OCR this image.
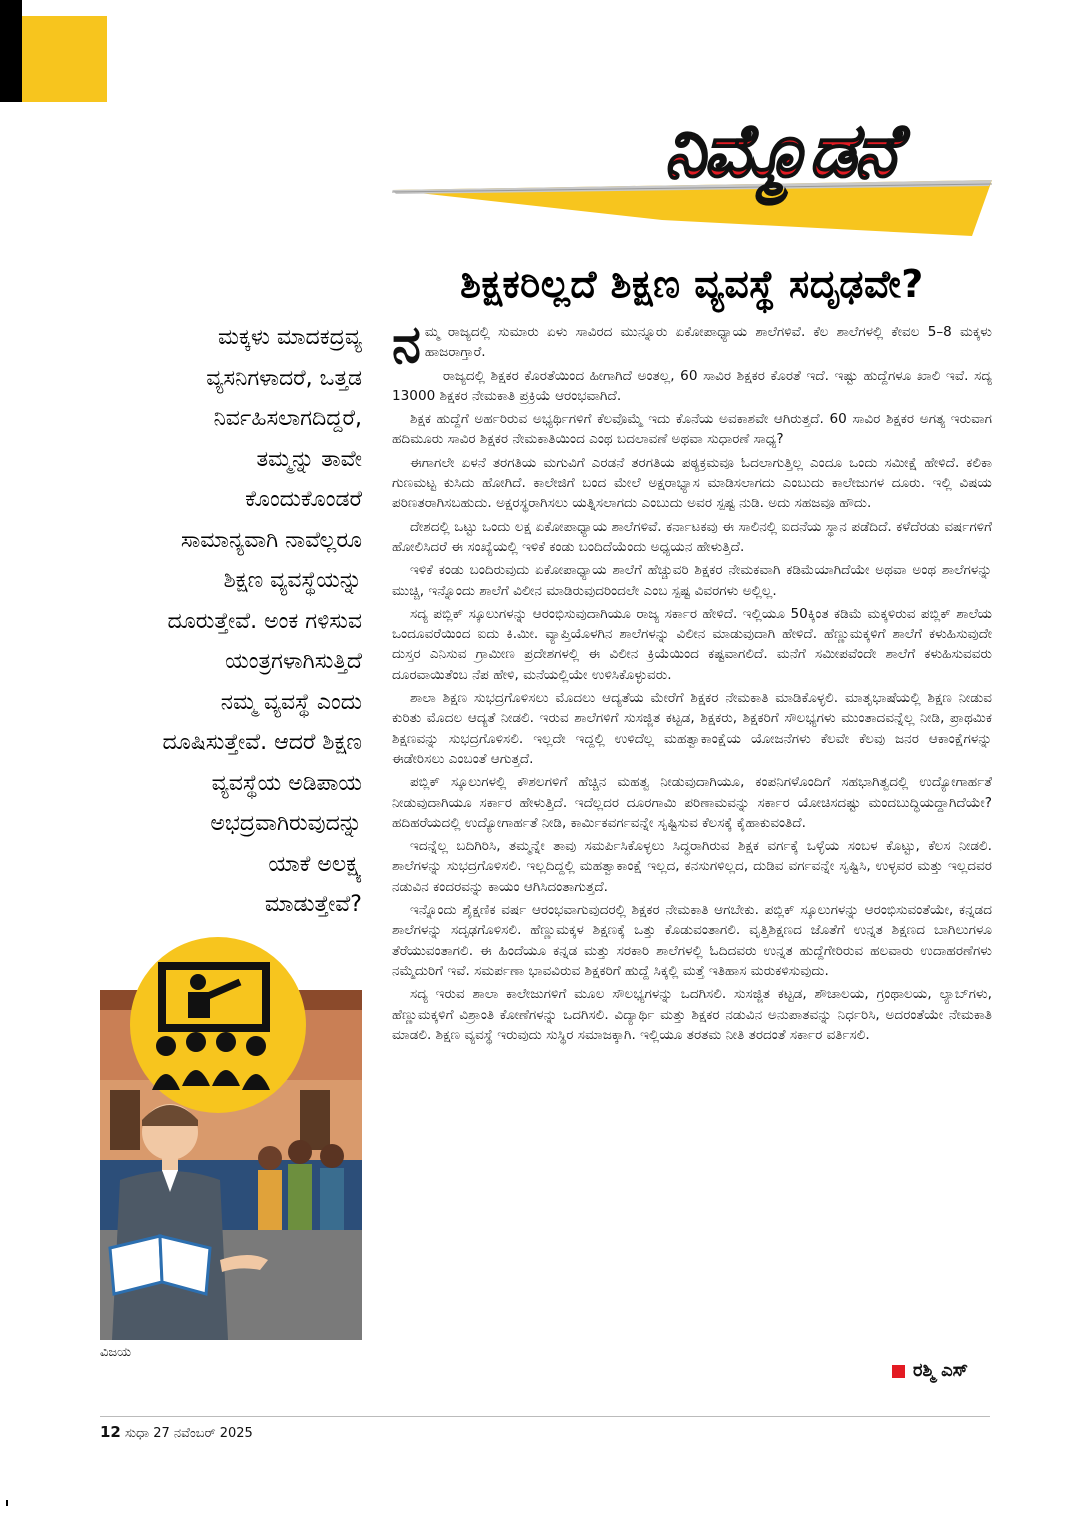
ನಿಮ್ಮೊಡನೆ
ಶಿಕ್ಷಕರಿಲ್ಲದೆ ಶಿಕ್ಷಣ ವ್ಯವಸ್ಥೆ ಸದೃಢವೇ?
ಮಕ್ಕಳು ಮಾದಕದ್ರವ್ಯ
ವ್ಯಸನಿಗಳಾದರೆ, ಒತ್ತಡ
ನಿರ್ವಹಿಸಲಾಗದಿದ್ದರೆ,
ತಮ್ಮನ್ನು ತಾವೇ
ಕೊಂದುಕೊಂಡರೆ
ಸಾಮಾನ್ಯವಾಗಿ ನಾವೆಲ್ಲರೂ
ಶಿಕ್ಷಣ ವ್ಯವಸ್ಥೆಯನ್ನು
ದೂರುತ್ತೇವೆ. ಅಂಕ ಗಳಿಸುವ
ಯಂತ್ರಗಳಾಗಿಸುತ್ತಿದೆ
ನಮ್ಮ ವ್ಯವಸ್ಥೆ ಎಂದು
ದೂಷಿಸುತ್ತೇವೆ. ಆದರೆ ಶಿಕ್ಷಣ
ವ್ಯವಸ್ಥೆಯ ಅಡಿಪಾಯ
ಅಭದ್ರವಾಗಿರುವುದನ್ನು
ಯಾಕೆ ಅಲಕ್ಷ್ಯ
ಮಾಡುತ್ತೇವೆ?
ವಿಜಯ

ನಮ್ಮ ರಾಜ್ಯದಲ್ಲಿ ಸುಮಾರು ಏಳು ಸಾವಿರದ ಮುನ್ನೂರು ಏಕೋಪಾಧ್ಯಾಯ ಶಾಲೆಗಳಿವೆ. ಕೆಲ ಶಾಲೆಗಳಲ್ಲಿ ಕೇವಲ 5–8 ಮಕ್ಕಳು ಹಾಜರಾಗ್ತಾರೆ.

ರಾಜ್ಯದಲ್ಲಿ ಶಿಕ್ಷಕರ ಕೊರತೆಯಿಂದ ಹೀಗಾಗಿದೆ ಅಂತಲ್ಲ, 60 ಸಾವಿರ ಶಿಕ್ಷಕರ ಕೊರತೆ ಇದೆ. ಇಷ್ಟು ಹುದ್ದೆಗಳೂ ಖಾಲಿ ಇವೆ. ಸದ್ಯ 13000 ಶಿಕ್ಷಕರ ನೇಮಕಾತಿ ಪ್ರಕ್ರಿಯೆ ಆರಂಭವಾಗಿದೆ.

ಶಿಕ್ಷಕ ಹುದ್ದೆಗೆ ಅರ್ಹರಿರುವ ಅಭ್ಯರ್ಥಿಗಳಿಗೆ ಕೆಲವೊಮ್ಮೆ ಇದು ಕೊನೆಯ ಅವಕಾಶವೇ ಆಗಿರುತ್ತದೆ. 60 ಸಾವಿರ ಶಿಕ್ಷಕರ ಅಗತ್ಯ ಇರುವಾಗ ಹದಿಮೂರು ಸಾವಿರ ಶಿಕ್ಷಕರ ನೇಮಕಾತಿಯಿಂದ ಎಂಥ ಬದಲಾವಣೆ ಅಥವಾ ಸುಧಾರಣೆ ಸಾಧ್ಯ?

ಈಗಾಗಲೇ ಏಳನೆ ತರಗತಿಯ ಮಗುವಿಗೆ ಎರಡನೆ ತರಗತಿಯ ಪಠ್ಯಕ್ರಮವೂ ಓದಲಾಗುತ್ತಿಲ್ಲ ಎಂದೂ ಒಂದು ಸಮೀಕ್ಷೆ ಹೇಳಿದೆ. ಕಲಿಕಾ ಗುಣಮಟ್ಟ ಕುಸಿದು ಹೋಗಿದೆ. ಕಾಲೇಜಿಗೆ ಬಂದ ಮೇಲೆ ಅಕ್ಷರಾಭ್ಯಾಸ ಮಾಡಿಸಲಾಗದು ಎಂಬುದು ಕಾಲೇಜುಗಳ ದೂರು. ಇಲ್ಲಿ ವಿಷಯ ಪರಿಣತರಾಗಿಸಬಹುದು. ಅಕ್ಷರಸ್ಥರಾಗಿಸಲು ಯತ್ನಿಸಲಾಗದು ಎಂಬುದು ಅವರ ಸ್ಪಷ್ಟ ನುಡಿ. ಅದು ಸಹಜವೂ ಹೌದು.

ದೇಶದಲ್ಲಿ ಒಟ್ಟು ಒಂದು ಲಕ್ಷ ಏಕೋಪಾಧ್ಯಾಯ ಶಾಲೆಗಳಿವೆ. ಕರ್ನಾಟಕವು ಈ ಸಾಲಿನಲ್ಲಿ ಐದನೆಯ ಸ್ಥಾನ ಪಡೆದಿದೆ. ಕಳೆದೆರಡು ವರ್ಷಗಳಿಗೆ ಹೋಲಿಸಿದರೆ ಈ ಸಂಖ್ಯೆಯಲ್ಲಿ ಇಳಿಕೆ ಕಂಡು ಬಂದಿದೆಯೆಂದು ಅಧ್ಯಯನ ಹೇಳುತ್ತಿದೆ.

ಇಳಿಕೆ ಕಂಡು ಬಂದಿರುವುದು ಏಕೋಪಾಧ್ಯಾಯ ಶಾಲೆಗೆ ಹೆಚ್ಚುವರಿ ಶಿಕ್ಷಕರ ನೇಮಕವಾಗಿ ಕಡಿಮೆಯಾಗಿದೆಯೇ ಅಥವಾ ಅಂಥ ಶಾಲೆಗಳನ್ನು ಮುಚ್ಚಿ, ಇನ್ನೊಂದು ಶಾಲೆಗೆ ವಿಲೀನ ಮಾಡಿರುವುದರಿಂದಲೇ ಎಂಬ ಸ್ಪಷ್ಟ ವಿವರಗಳು ಅಲ್ಲಿಲ್ಲ.

ಸದ್ಯ ಪಬ್ಲಿಕ್ ಸ್ಕೂಲುಗಳನ್ನು ಆರಂಭಿಸುವುದಾಗಿಯೂ ರಾಜ್ಯ ಸರ್ಕಾರ ಹೇಳಿದೆ. ಇಲ್ಲಿಯೂ 50ಕ್ಕಿಂತ ಕಡಿಮೆ ಮಕ್ಕಳಿರುವ ಪಬ್ಲಿಕ್ ಶಾಲೆಯ ಒಂದೂವರೆಯಿಂದ ಐದು ಕಿ.ಮೀ. ವ್ಯಾಪ್ತಿಯೊಳಗಿನ ಶಾಲೆಗಳನ್ನು ವಿಲೀನ ಮಾಡುವುದಾಗಿ ಹೇಳಿದೆ. ಹೆಣ್ಣುಮಕ್ಕಳಿಗೆ ಶಾಲೆಗೆ ಕಳುಹಿಸುವುದೇ ದುಸ್ತರ ಎನಿಸುವ ಗ್ರಾಮೀಣ ಪ್ರದೇಶಗಳಲ್ಲಿ ಈ ವಿಲೀನ ಕ್ರಿಯೆಯಿಂದ ಕಷ್ಟವಾಗಲಿದೆ. ಮನೆಗೆ ಸಮೀಪವೆಂದೇ ಶಾಲೆಗೆ ಕಳುಹಿಸುವವರು ದೂರವಾಯಿತೆಂಬ ನೆಪ ಹೇಳಿ, ಮನೆಯಲ್ಲಿಯೇ ಉಳಿಸಿಕೊಳ್ಳುವರು.

ಶಾಲಾ ಶಿಕ್ಷಣ ಸುಭದ್ರಗೊಳಿಸಲು ಮೊದಲು ಆದ್ಯತೆಯ ಮೇರೆಗೆ ಶಿಕ್ಷಕರ ನೇಮಕಾತಿ ಮಾಡಿಕೊಳ್ಳಲಿ. ಮಾತೃಭಾಷೆಯಲ್ಲಿ ಶಿಕ್ಷಣ ನೀಡುವ ಕುರಿತು ಮೊದಲ ಆದ್ಯತೆ ನೀಡಲಿ. ಇರುವ ಶಾಲೆಗಳಿಗೆ ಸುಸಜ್ಜಿತ ಕಟ್ಟಡ, ಶಿಕ್ಷಕರು, ಶಿಕ್ಷಕರಿಗೆ ಸೌಲಭ್ಯಗಳು ಮುಂತಾದವನ್ನೆಲ್ಲ ನೀಡಿ, ಪ್ರಾಥಮಿಕ ಶಿಕ್ಷಣವನ್ನು ಸುಭದ್ರಗೊಳಿಸಲಿ. ಇಲ್ಲದೇ ಇದ್ದಲ್ಲಿ ಉಳಿದೆಲ್ಲ ಮಹತ್ವಾಕಾಂಕ್ಷೆಯ ಯೋಜನೆಗಳು ಕೆಲವೇ ಕೆಲವು ಜನರ ಆಕಾಂಕ್ಷೆಗಳನ್ನು ಈಡೇರಿಸಲು ಎಂಬಂತೆ ಆಗುತ್ತದೆ.

ಪಬ್ಲಿಕ್ ಸ್ಕೂಲುಗಳಲ್ಲಿ ಕೌಶಲಗಳಿಗೆ ಹೆಚ್ಚಿನ ಮಹತ್ವ ನೀಡುವುದಾಗಿಯೂ, ಕಂಪನಿಗಳೊಂದಿಗೆ ಸಹಭಾಗಿತ್ವದಲ್ಲಿ ಉದ್ಯೋಗಾರ್ಹತೆ ನೀಡುವುದಾಗಿಯೂ ಸರ್ಕಾರ ಹೇಳುತ್ತಿದೆ. ಇದೆಲ್ಲದರ ದೂರಗಾಮಿ ಪರಿಣಾಮವನ್ನು ಸರ್ಕಾರ ಯೋಚಿಸದಷ್ಟು ಮಂದಬುದ್ಧಿಯದ್ದಾಗಿದೆಯೇ? ಹದಿಹರೆಯದಲ್ಲಿ ಉದ್ಯೋಗಾರ್ಹತೆ ನೀಡಿ, ಕಾರ್ಮಿಕವರ್ಗವನ್ನೇ ಸೃಷ್ಟಿಸುವ ಕೆಲಸಕ್ಕೆ ಕೈಹಾಕುವಂತಿದೆ.

ಇದನ್ನೆಲ್ಲ ಬದಿಗಿರಿಸಿ, ತಮ್ಮನ್ನೇ ತಾವು ಸಮರ್ಪಿಸಿಕೊಳ್ಳಲು ಸಿದ್ಧರಾಗಿರುವ ಶಿಕ್ಷಕ ವರ್ಗಕ್ಕೆ ಒಳ್ಳೆಯ ಸಂಬಳ ಕೊಟ್ಟು, ಕೆಲಸ ನೀಡಲಿ. ಶಾಲೆಗಳನ್ನು ಸುಭದ್ರಗೊಳಿಸಲಿ. ಇಲ್ಲದಿದ್ದಲ್ಲಿ ಮಹತ್ವಾಕಾಂಕ್ಷೆ ಇಲ್ಲದ, ಕನಸುಗಳಿಲ್ಲದ, ದುಡಿವ ವರ್ಗವನ್ನೇ ಸೃಷ್ಟಿಸಿ, ಉಳ್ಳವರ ಮತ್ತು ಇಲ್ಲದವರ ನಡುವಿನ ಕಂದರವನ್ನು ಕಾಯಂ ಆಗಿಸಿದಂತಾಗುತ್ತದೆ.

ಇನ್ನೊಂದು ಶೈಕ್ಷಣಿಕ ವರ್ಷ ಆರಂಭವಾಗುವುದರಲ್ಲಿ ಶಿಕ್ಷಕರ ನೇಮಕಾತಿ ಆಗಬೇಕು. ಪಬ್ಲಿಕ್ ಸ್ಕೂಲುಗಳನ್ನು ಆರಂಭಿಸುವಂತೆಯೇ, ಕನ್ನಡದ ಶಾಲೆಗಳನ್ನು ಸದೃಢಗೊಳಿಸಲಿ. ಹೆಣ್ಣುಮಕ್ಕಳ ಶಿಕ್ಷಣಕ್ಕೆ ಒತ್ತು ಕೊಡುವಂತಾಗಲಿ. ವೃತ್ತಿಶಿಕ್ಷಣದ ಜೊತೆಗೆ ಉನ್ನತ ಶಿಕ್ಷಣದ ಬಾಗಿಲುಗಳೂ ತೆರೆಯುವಂತಾಗಲಿ. ಈ ಹಿಂದೆಯೂ ಕನ್ನಡ ಮತ್ತು ಸರಕಾರಿ ಶಾಲೆಗಳಲ್ಲಿ ಓದಿದವರು ಉನ್ನತ ಹುದ್ದೆಗೇರಿರುವ ಹಲವಾರು ಉದಾಹರಣೆಗಳು ನಮ್ಮೆದುರಿಗೆ ಇವೆ. ಸಮರ್ಪಣಾ ಭಾವವಿರುವ ಶಿಕ್ಷಕರಿಗೆ ಹುದ್ದೆ ಸಿಕ್ಕಲ್ಲಿ ಮತ್ತೆ ಇತಿಹಾಸ ಮರುಕಳಿಸುವುದು.

ಸದ್ಯ ಇರುವ ಶಾಲಾ ಕಾಲೇಜುಗಳಿಗೆ ಮೂಲ ಸೌಲಭ್ಯಗಳನ್ನು ಒದಗಿಸಲಿ. ಸುಸಜ್ಜಿತ ಕಟ್ಟಡ, ಶೌಚಾಲಯ, ಗ್ರಂಥಾಲಯ, ಲ್ಯಾಬ್‌ಗಳು, ಹೆಣ್ಣುಮಕ್ಕಳಿಗೆ ವಿಶ್ರಾಂತಿ ಕೋಣೆಗಳನ್ನು ಒದಗಿಸಲಿ. ವಿದ್ಯಾರ್ಥಿ ಮತ್ತು ಶಿಕ್ಷಕರ ನಡುವಿನ ಅನುಪಾತವನ್ನು ನಿರ್ಧರಿಸಿ, ಅದರಂತೆಯೇ ನೇಮಕಾತಿ ಮಾಡಲಿ. ಶಿಕ್ಷಣ ವ್ಯವಸ್ಥೆ ಇರುವುದು ಸುಸ್ಥಿರ ಸಮಾಜಕ್ಕಾಗಿ. ಇಲ್ಲಿಯೂ ತರತಮ ನೀತಿ ತರದಂತೆ ಸರ್ಕಾರ ವರ್ತಿಸಲಿ.

ರಶ್ಮಿ ಎಸ್
12 ಸುಧಾ 27 ನವೆಂಬರ್ 2025
